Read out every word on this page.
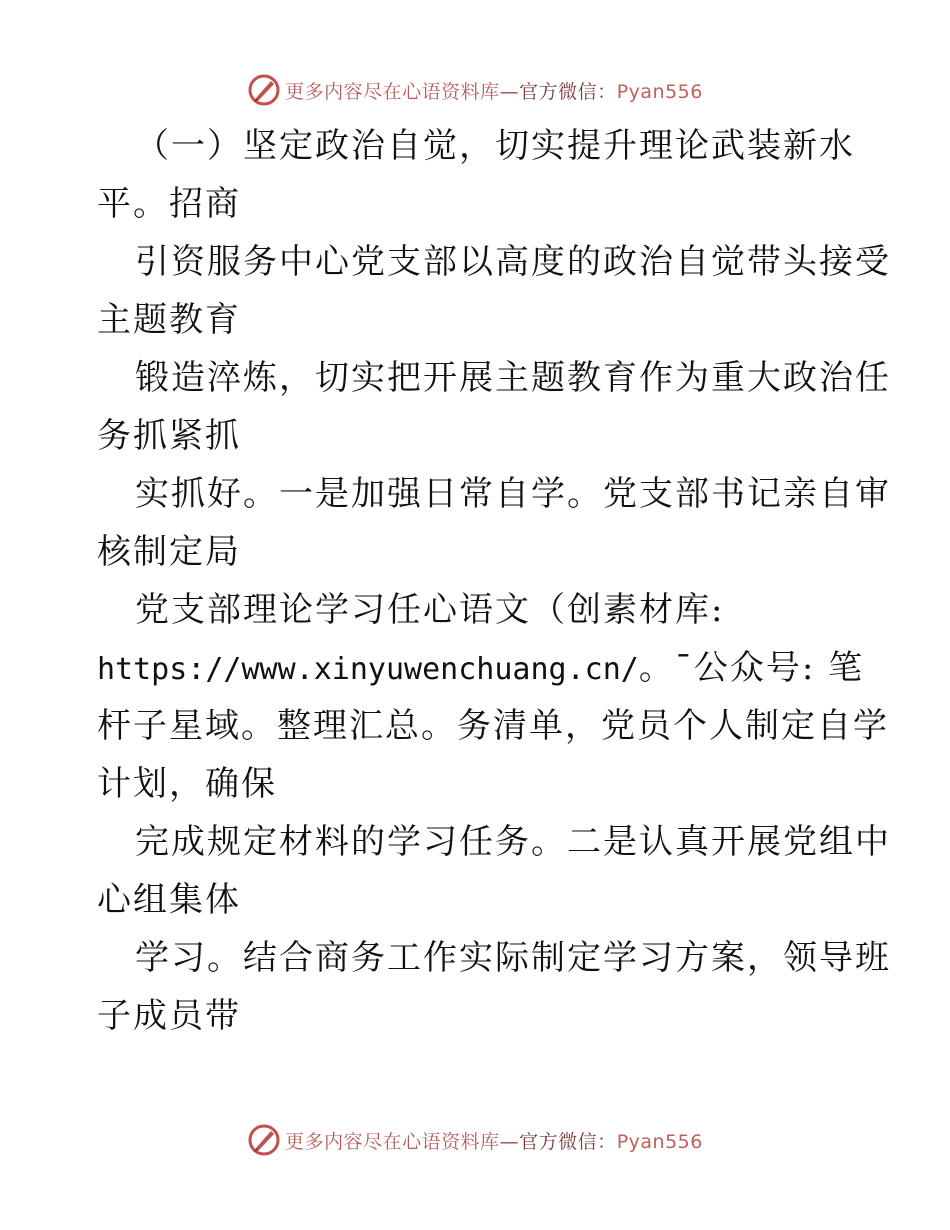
更多内容尽在心语资料库—官方微信：Pyan556
（一）坚定政治自觉，切实提升理论武装新水
平。招商
引资服务中心党支部以高度的政治自觉带头接受
主题教育
锻造淬炼，切实把开展主题教育作为重大政治任
务抓紧抓
实抓好。一是加强日常自学。党支部书记亲自审
核制定局
党支部理论学习任心语文（创素材库:
https://www.xinyuwenchuang.cn/。¯公众号: 笔
杆子星域。整理汇总。务清单，党员个人制定自学
计划，确保
完成规定材料的学习任务。二是认真开展党组中
心组集体
学习。结合商务工作实际制定学习方案，领导班
子成员带
更多内容尽在心语资料库—官方微信：Pyan556
